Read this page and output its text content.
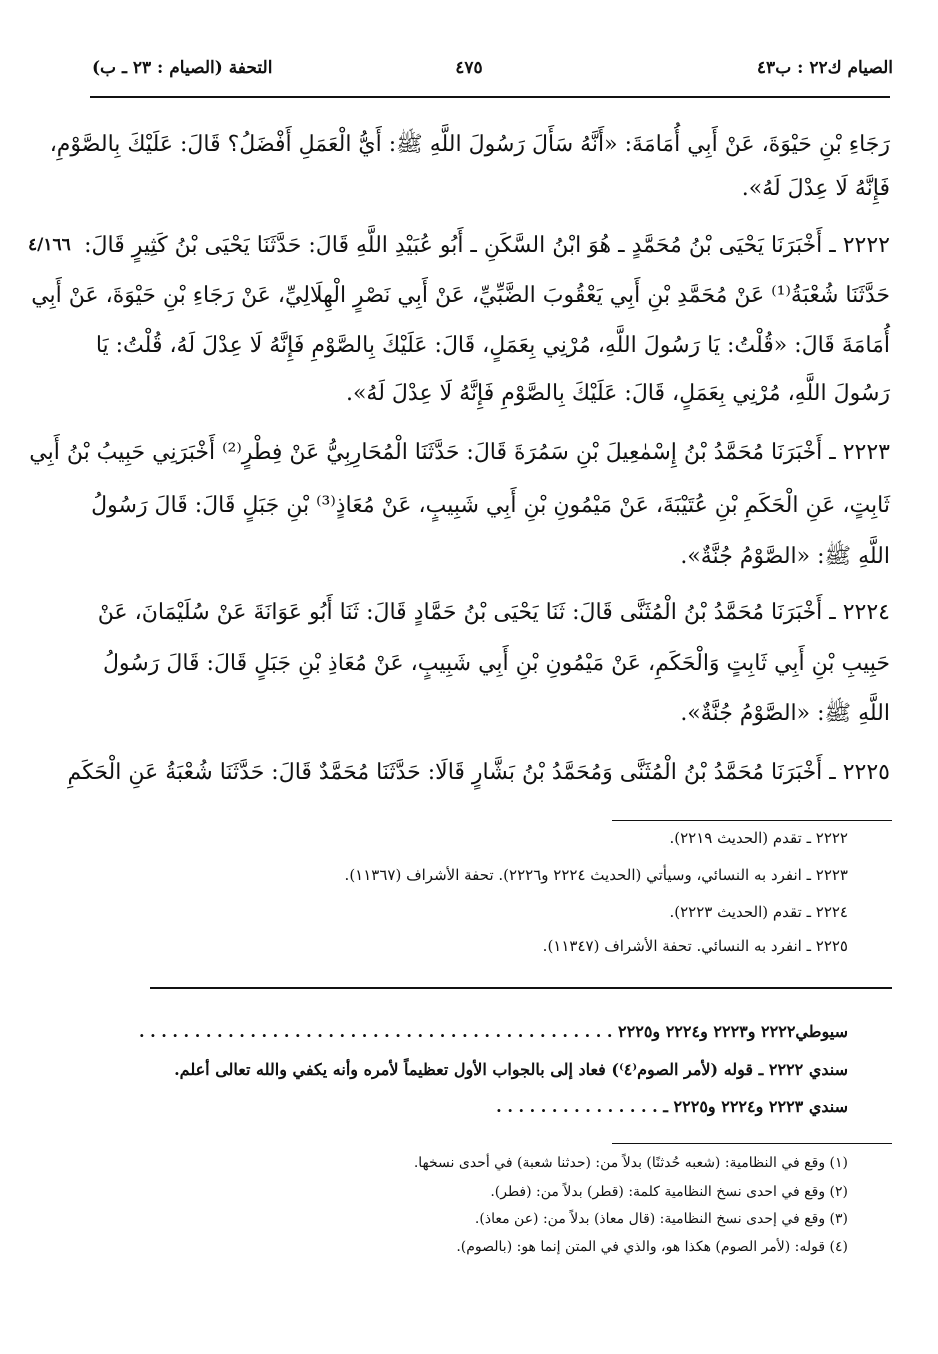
الصيام ك٢٢ : ب٤٣
٤٧٥
التحفة (الصيام : ٢٣ ـ ب)
٤/١٦٦
رَجَاءِ بْنِ حَيْوَةَ، عَنْ أَبِي أُمَامَةَ: «أَنَّهُ سَأَلَ رَسُولَ اللَّهِ ﷺ: أَيُّ الْعَمَلِ أَفْضَلُ؟ قَالَ: عَلَيْكَ بِالصَّوْمِ،
فَإِنَّهُ لَا عِدْلَ لَهُ».
٢٢٢٢ ـ أَخْبَرَنَا يَحْيَى بْنُ مُحَمَّدٍ ـ هُوَ ابْنُ السَّكَنِ ـ أَبُو عُبَيْدِ اللَّهِ قَالَ: حَدَّثَنَا يَحْيَى بْنُ كَثِيرٍ قَالَ:
حَدَّثَنَا شُعْبَةُ⁽¹⁾ عَنْ مُحَمَّدِ بْنِ أَبِي يَعْقُوبَ الضَّبِّيِّ، عَنْ أَبِي نَصْرٍ الْهِلَالِيِّ، عَنْ رَجَاءِ بْنِ حَيْوَةَ، عَنْ أَبِي
أُمَامَةَ قَالَ: «قُلْتُ: يَا رَسُولَ اللَّهِ، مُرْنِي بِعَمَلٍ، قَالَ: عَلَيْكَ بِالصَّوْمِ فَإِنَّهُ لَا عِدْلَ لَهُ، قُلْتُ: يَا
رَسُولَ اللَّهِ، مُرْنِي بِعَمَلٍ، قَالَ: عَلَيْكَ بِالصَّوْمِ فَإِنَّهُ لَا عِدْلَ لَهُ».
٢٢٢٣ ـ أَخْبَرَنَا مُحَمَّدُ بْنُ إِسْمٰعِيلَ بْنِ سَمُرَةَ قَالَ: حَدَّثَنَا الْمُحَارِبِيُّ عَنْ فِطْرٍ⁽²⁾ أَخْبَرَنِي حَبِيبُ بْنُ أَبِي
ثَابِتٍ، عَنِ الْحَكَمِ بْنِ عُتَيْبَةَ، عَنْ مَيْمُونِ بْنِ أَبِي شَبِيبٍ، عَنْ مُعَاذٍ⁽³⁾ بْنِ جَبَلٍ قَالَ: قَالَ رَسُولُ
اللَّهِ ﷺ: «الصَّوْمُ جُنَّةٌ».
٢٢٢٤ ـ أَخْبَرَنَا مُحَمَّدُ بْنُ الْمُثَنَّى قَالَ: ثَنَا يَحْيَى بْنُ حَمَّادٍ قَالَ: ثَنَا أَبُو عَوَانَةَ عَنْ سُلَيْمَانَ، عَنْ
حَبِيبِ بْنِ أَبِي ثَابِتٍ وَالْحَكَمِ، عَنْ مَيْمُونِ بْنِ أَبِي شَبِيبٍ، عَنْ مُعَاذِ بْنِ جَبَلٍ قَالَ: قَالَ رَسُولُ
اللَّهِ ﷺ: «الصَّوْمُ جُنَّةٌ».
٢٢٢٥ ـ أَخْبَرَنَا مُحَمَّدُ بْنُ الْمُثَنَّى وَمُحَمَّدُ بْنُ بَشَّارٍ قَالَا: حَدَّثَنَا مُحَمَّدٌ قَالَ: حَدَّثَنَا شُعْبَةُ عَنِ الْحَكَمِ
٢٢٢٢ ـ تقدم (الحديث ٢٢١٩).
٢٢٢٣ ـ انفرد به النسائي، وسيأتي (الحديث ٢٢٢٤ و٢٢٢٦). تحفة الأشراف (١١٣٦٧).
٢٢٢٤ ـ تقدم (الحديث ٢٢٢٣).
٢٢٢٥ ـ انفرد به النسائي. تحفة الأشراف (١١٣٤٧).
سيوطي٢٢٢٢ و٢٢٢٣ و٢٢٢٤ و٢٢٢٥ . . . . . . . . . . . . . . . . . . . . . . . . . . . . . . . . . . . . . . . . . . .
سندي ٢٢٢٢ ـ قوله (لأمر الصوم⁽٤⁾) فعاد إلى بالجواب الأول تعظيماً لأمره وأنه يكفي والله تعالى أعلم.
سندي ٢٢٢٣ و٢٢٢٤ و٢٢٢٥ ـ . . . . . . . . . . . . . . .
(١) وقع في النظامية: (شعبه حُدثنًا) بدلاً من: (حدثنا شعبة) في أحدى نسخها.
(٢) وقع في احدى نسخ النظامية كلمة: (قطر) بدلاً من: (فطر).
(٣) وقع في إحدى نسخ النظامية: (قال معاذ) بدلاً من: (عن معاذ).
(٤) قوله: (لأمر الصوم) هكذا هو، والذي في المتن إنما هو: (بالصوم).
